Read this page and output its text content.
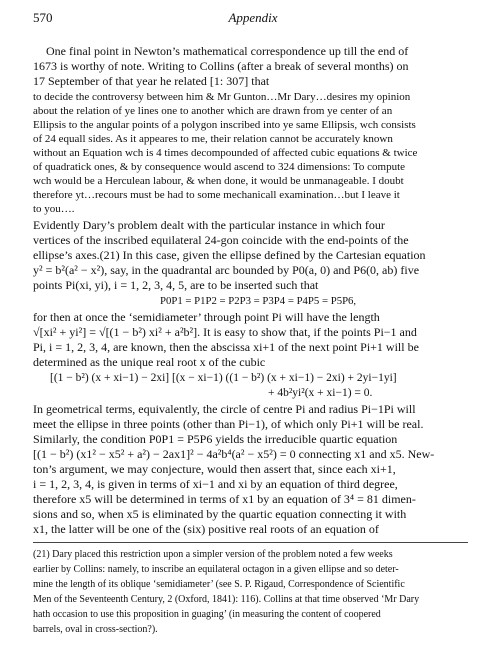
570	Appendix
One final point in Newton’s mathematical correspondence up till the end of
1673 is worthy of note. Writing to Collins (after a break of several months) on
17 September of that year he related [1: 307] that
to decide the controversy between him & Mr Gunton…Mr Dary…desires my opinion
about the relation of ye lines one to another which are drawn from ye center of an
Ellipsis to the angular points of a polygon inscribed into ye same Ellipsis, wch consists
of 24 equall sides. As it appeares to me, their relation cannot be accurately known
without an Equation wch is 4 times decompounded of affected cubic equations & twice
of quadratick ones, & by consequence would ascend to 324 dimensions: To compute
wch would be a Herculean labour, & when done, it would be unmanageable. I doubt
therefore yt…recours must be had to some mechanicall examination…but I leave it
to you….
Evidently Dary’s problem dealt with the particular instance in which four
vertices of the inscribed equilateral 24-gon coincide with the end-points of the
ellipse’s axes.(21) In this case, given the ellipse defined by the Cartesian equation
y² = b²(a² − x²), say, in the quadrantal arc bounded by P0(a, 0) and P6(0, ab) five
points Pi(xi, yi), i = 1, 2, 3, 4, 5, are to be inserted such that
P0P1 = P1P2 = P2P3 = P3P4 = P4P5 = P5P6,
for then at once the ‘semidiameter’ through point Pi will have the length
√[xi² + yi²] = √[(1 − b²) xi² + a²b²]. It is easy to show that, if the points Pi−1 and
Pi, i = 1, 2, 3, 4, are known, then the abscissa xi+1 of the next point Pi+1 will be
determined as the unique real root x of the cubic
[(1 − b²) (x + xi−1) − 2xi] [(x − xi−1) ((1 − b²) (x + xi−1) − 2xi) + 2yi−1yi]
+ 4b²yi²(x + xi−1) = 0.
In geometrical terms, equivalently, the circle of centre Pi and radius Pi−1Pi will
meet the ellipse in three points (other than Pi−1), of which only Pi+1 will be real.
Similarly, the condition P0P1 = P5P6 yields the irreducible quartic equation
[(1 − b²) (x1² − x5² + a²) − 2ax1]² − 4a²b⁴(a² − x5²) = 0 connecting x1 and x5. New-
ton’s argument, we may conjecture, would then assert that, since each xi+1,
i = 1, 2, 3, 4, is given in terms of xi−1 and xi by an equation of third degree,
therefore x5 will be determined in terms of x1 by an equation of 3⁴ = 81 dimen-
sions and so, when x5 is eliminated by the quartic equation connecting it with
x1, the latter will be one of the (six) positive real roots of an equation of
(21) Dary placed this restriction upon a simpler version of the problem noted a few weeks
earlier by Collins: namely, to inscribe an equilateral octagon in a given ellipse and so deter-
mine the length of its oblique ‘semidiameter’ (see S. P. Rigaud, Correspondence of Scientific
Men of the Seventeenth Century, 2 (Oxford, 1841): 116). Collins at that time observed ‘Mr Dary
hath occasion to use this proposition in guaging’ (in measuring the content of coopered
barrels, oval in cross-section?).
